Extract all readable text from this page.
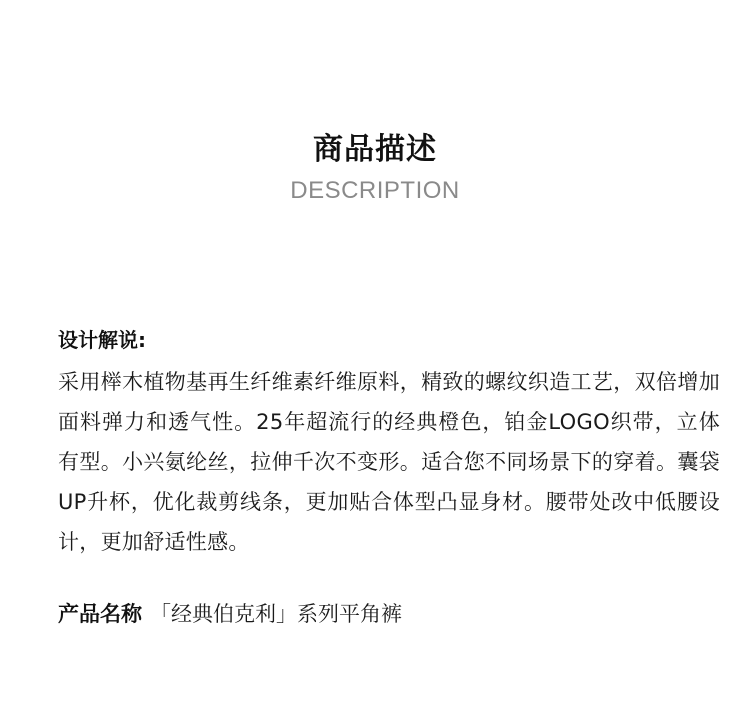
商品描述
DESCRIPTION
设计解说:
采用榉木植物基再生纤维素纤维原料，精致的螺纹织造工艺，双倍增加面料弹力和透气性。25年超流行的经典橙色，铂金LOGO织带，立体有型。小兴氨纶丝，拉伸千次不变形。适合您不同场景下的穿着。囊袋UP升杯，优化裁剪线条，更加贴合体型凸显身材。腰带处改中低腰设计，更加舒适性感。
产品名称 「经典伯克利」系列平角裤
